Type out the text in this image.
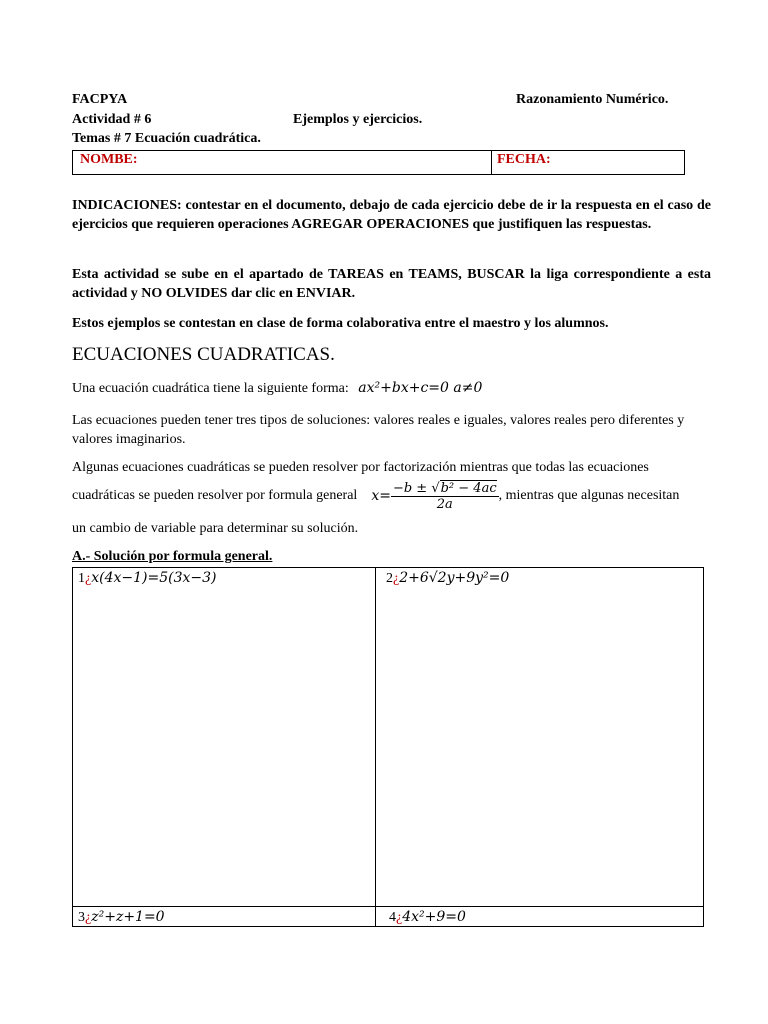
FACPYA	Razonamiento Numérico.
Actividad # 6	Ejemplos y ejercicios.
Temas # 7 Ecuación cuadrática.
NOMBE:	FECHA:
INDICACIONES: contestar en el documento, debajo de cada ejercicio debe de ir la respuesta en el caso de ejercicios que requieren operaciones AGREGAR OPERACIONES que justifiquen las respuestas.
Esta actividad se sube en el apartado de TAREAS en TEAMS, BUSCAR la liga correspondiente a esta actividad y NO OLVIDES dar clic en ENVIAR.
Estos ejemplos se contestan en clase de forma colaborativa entre el maestro y los alumnos.
ECUACIONES CUADRATICAS.
Una ecuación cuadrática tiene la siguiente forma: ax²+bx+c=0 a≠0
Las ecuaciones pueden tener tres tipos de soluciones: valores reales e iguales, valores reales pero diferentes y valores imaginarios.
Algunas ecuaciones cuadráticas se pueden resolver por factorización mientras que todas las ecuaciones
cuadráticas se pueden resolver por formula general $x= \frac{\text{−b ± √b² − 4ac}}{2a}$ , mientras que algunas necesitan
un cambio de variable para determinar su solución.
A.- Solución por formula general.
1¿x(4x−1)=5(3x−3)	2¿2+6√2y+9y²=0
3¿z²+z+1=0	4¿4x²+9=0
